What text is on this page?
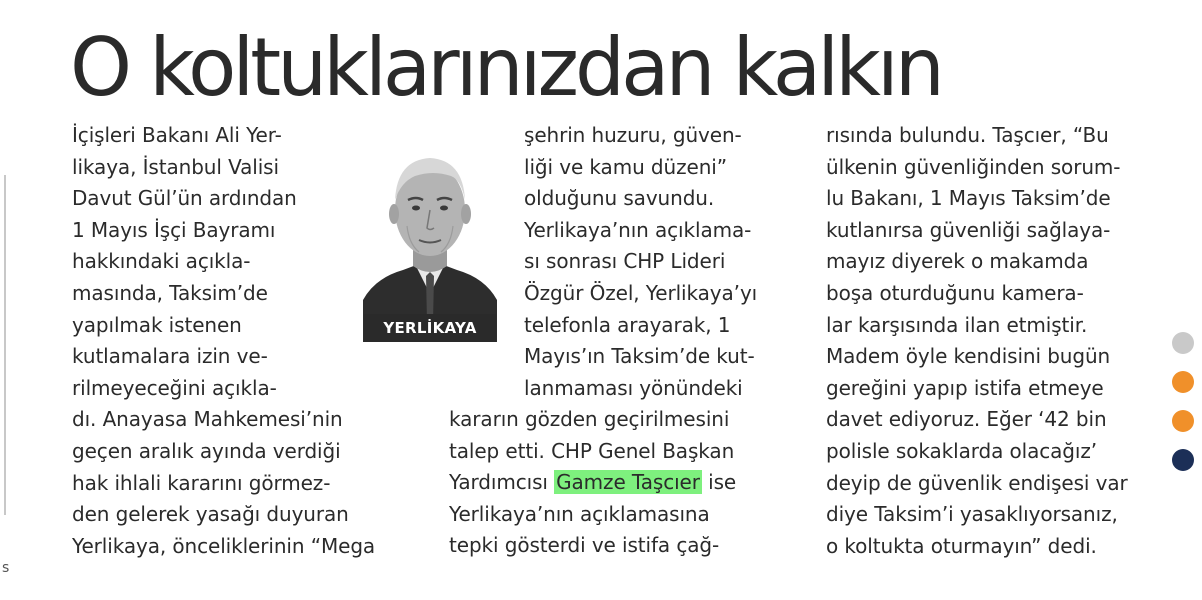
O koltuklarınızdan kalkın
İçişleri Bakanı Ali Yer-
likaya, İstanbul Valisi
Davut Gül’ün ardından
1 Mayıs İşçi Bayramı
hakkındaki açıkla-
masında, Taksim’de
yapılmak istenen
kutlamalara izin ve-
rilmeyeceğini açıkla-
dı. Anayasa Mahkemesi’nin
geçen aralık ayında verdiği
hak ihlali kararını görmez-
den gelerek yasağı duyuran
Yerlikaya, önceliklerinin “Mega
YERLİKAYA
şehrin huzuru, güven-
liği ve kamu düzeni”
olduğunu savundu.
Yerlikaya’nın açıklama-
sı sonrası CHP Lideri
Özgür Özel, Yerlikaya’yı
telefonla arayarak, 1
Mayıs’ın Taksim’de kut-
lanmaması yönündeki
kararın gözden geçirilmesini
talep etti. CHP Genel Başkan
Yardımcısı Gamze Taşcıer ise
Yerlikaya’nın açıklamasına
tepki gösterdi ve istifa çağ-
rısında bulundu. Taşcıer, “Bu
ülkenin güvenliğinden sorum-
lu Bakanı, 1 Mayıs Taksim’de
kutlanırsa güvenliği sağlaya-
mayız diyerek o makamda
boşa oturduğunu kamera-
lar karşısında ilan etmiştir.
Madem öyle kendisini bugün
gereğini yapıp istifa etmeye
davet ediyoruz. Eğer ‘42 bin
polisle sokaklarda olacağız’
deyip de güvenlik endişesi var
diye Taksim’i yasaklıyorsanız,
o koltukta oturmayın” dedi.
s
